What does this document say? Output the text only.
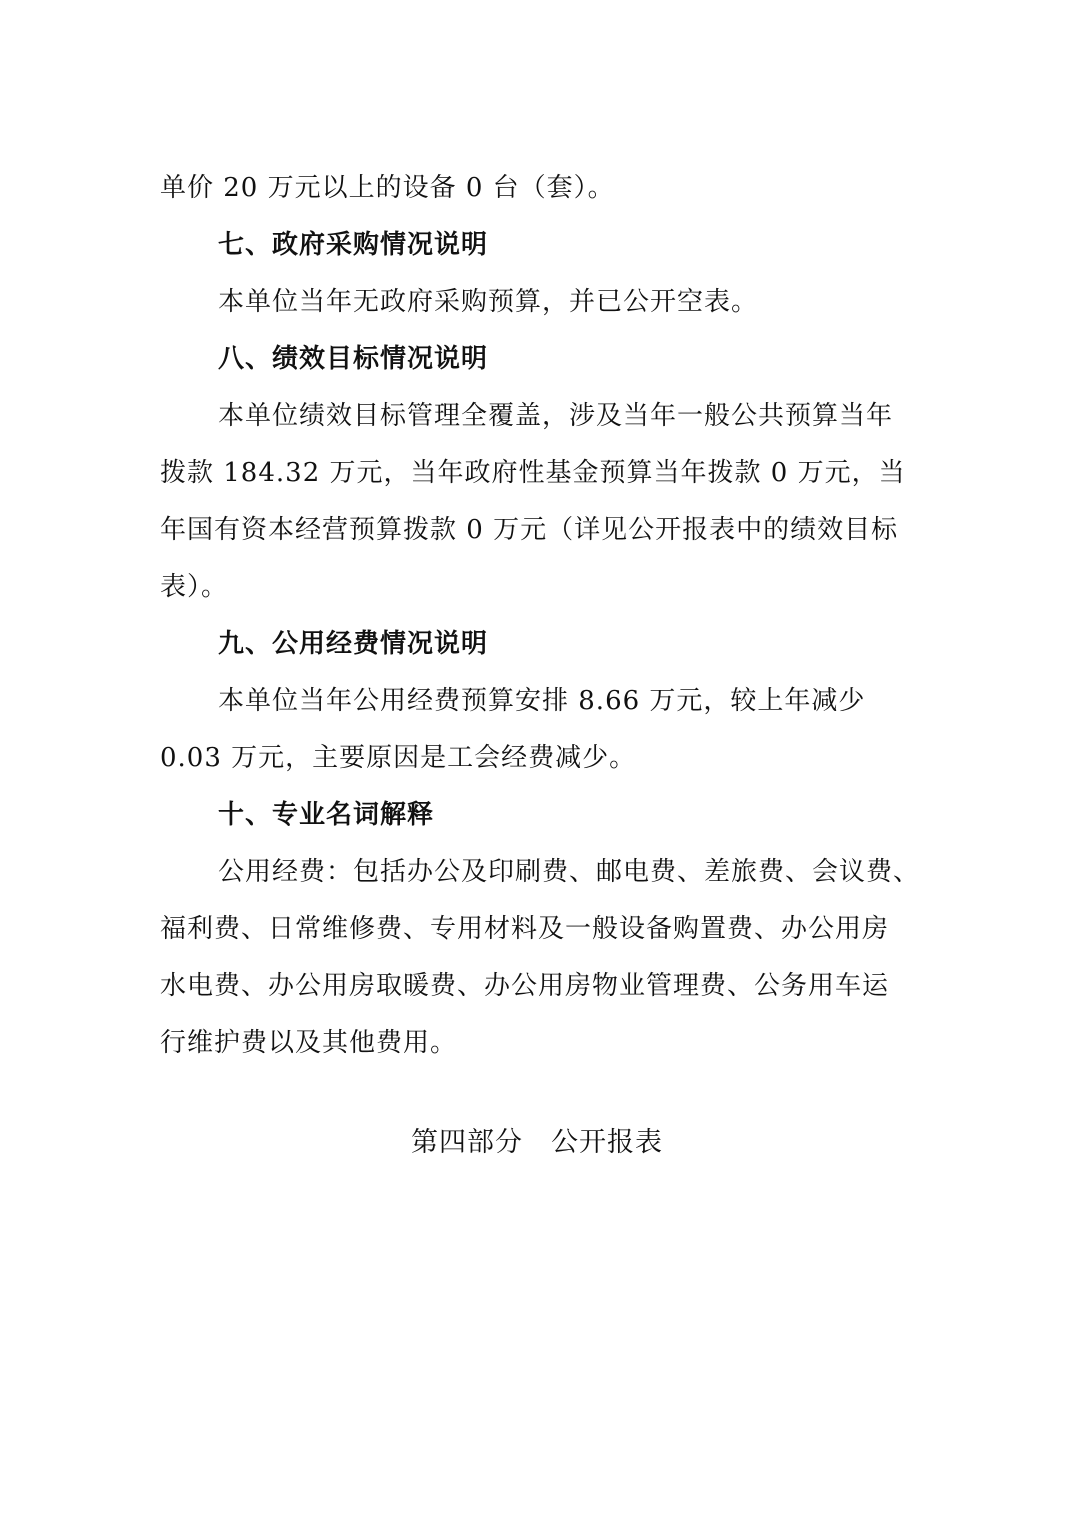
单价 20 万元以上的设备 0 台（套）。
七、政府采购情况说明
本单位当年无政府采购预算，并已公开空表。
八、绩效目标情况说明
本单位绩效目标管理全覆盖，涉及当年一般公共预算当年
拨款 184.32 万元，当年政府性基金预算当年拨款 0 万元，当
年国有资本经营预算拨款 0 万元（详见公开报表中的绩效目标
表）。
九、公用经费情况说明
本单位当年公用经费预算安排 8.66 万元，较上年减少
0.03 万元，主要原因是工会经费减少。
十、专业名词解释
公用经费：包括办公及印刷费、邮电费、差旅费、会议费、
福利费、日常维修费、专用材料及一般设备购置费、办公用房
水电费、办公用房取暖费、办公用房物业管理费、公务用车运
行维护费以及其他费用。
第四部分　公开报表
